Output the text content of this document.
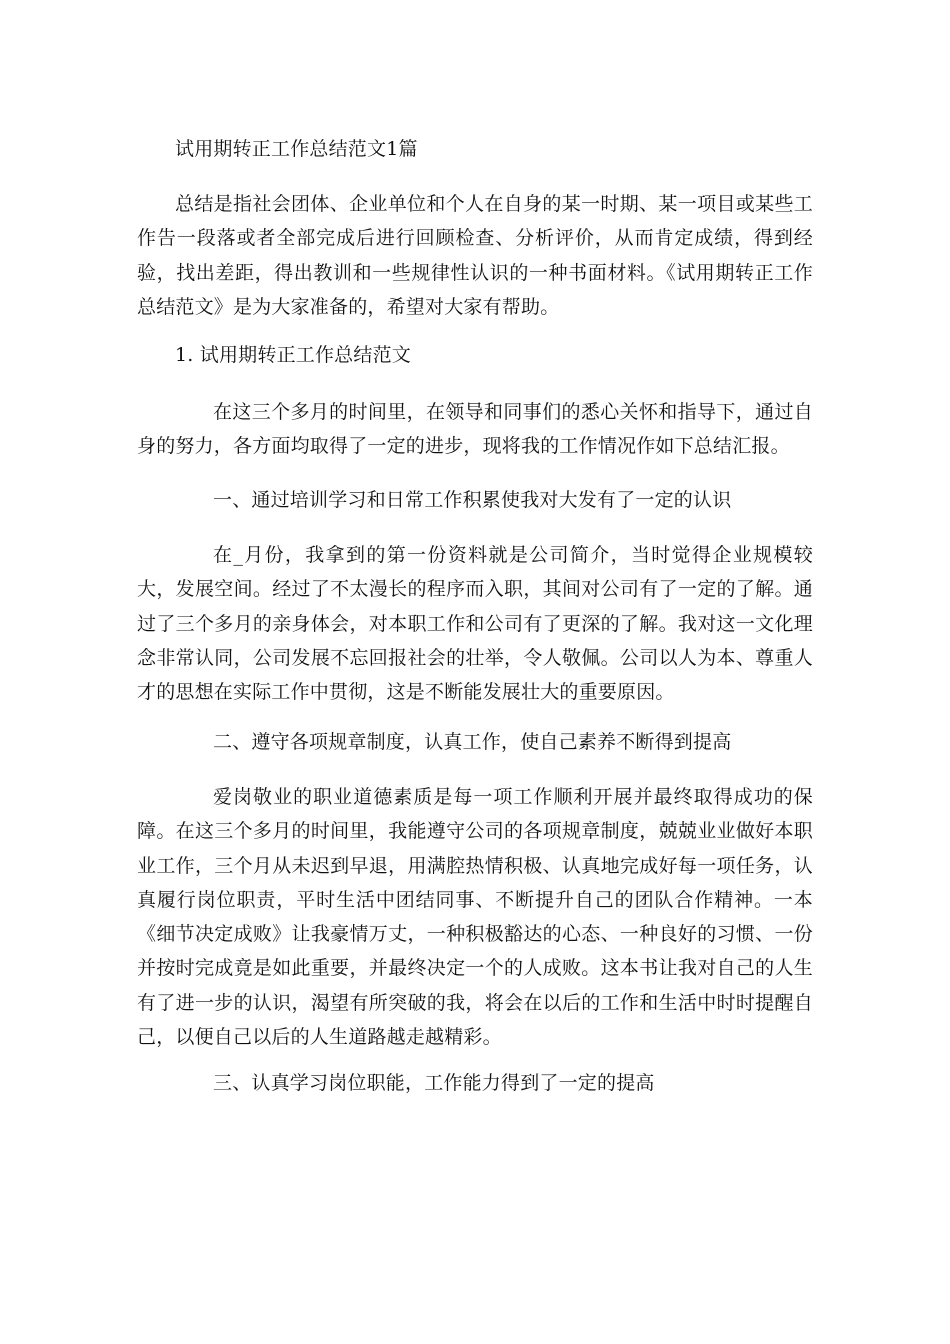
试用期转正工作总结范文1篇

总结是指社会团体、企业单位和个人在自身的某一时期、某一项目或某些工作告一段落或者全部完成后进行回顾检查、分析评价，从而肯定成绩，得到经验，找出差距，得出教训和一些规律性认识的一种书面材料。《试用期转正工作总结范文》是为大家准备的，希望对大家有帮助。

1. 试用期转正工作总结范文

在这三个多月的时间里，在领导和同事们的悉心关怀和指导下，通过自身的努力，各方面均取得了一定的进步，现将我的工作情况作如下总结汇报。

一、通过培训学习和日常工作积累使我对大发有了一定的认识

在_月份，我拿到的第一份资料就是公司简介，当时觉得企业规模较大，发展空间。经过了不太漫长的程序而入职，其间对公司有了一定的了解。通过了三个多月的亲身体会，对本职工作和公司有了更深的了解。我对这一文化理念非常认同，公司发展不忘回报社会的壮举，令人敬佩。公司以人为本、尊重人才的思想在实际工作中贯彻，这是不断能发展壮大的重要原因。

二、遵守各项规章制度，认真工作，使自己素养不断得到提高

爱岗敬业的职业道德素质是每一项工作顺利开展并最终取得成功的保障。在这三个多月的时间里，我能遵守公司的各项规章制度，兢兢业业做好本职业工作，三个月从未迟到早退，用满腔热情积极、认真地完成好每一项任务，认真履行岗位职责，平时生活中团结同事、不断提升自己的团队合作精神。一本《细节决定成败》让我豪情万丈，一种积极豁达的心态、一种良好的习惯、一份并按时完成竟是如此重要，并最终决定一个的人成败。这本书让我对自己的人生有了进一步的认识，渴望有所突破的我，将会在以后的工作和生活中时时提醒自己，以便自己以后的人生道路越走越精彩。

三、认真学习岗位职能，工作能力得到了一定的提高
